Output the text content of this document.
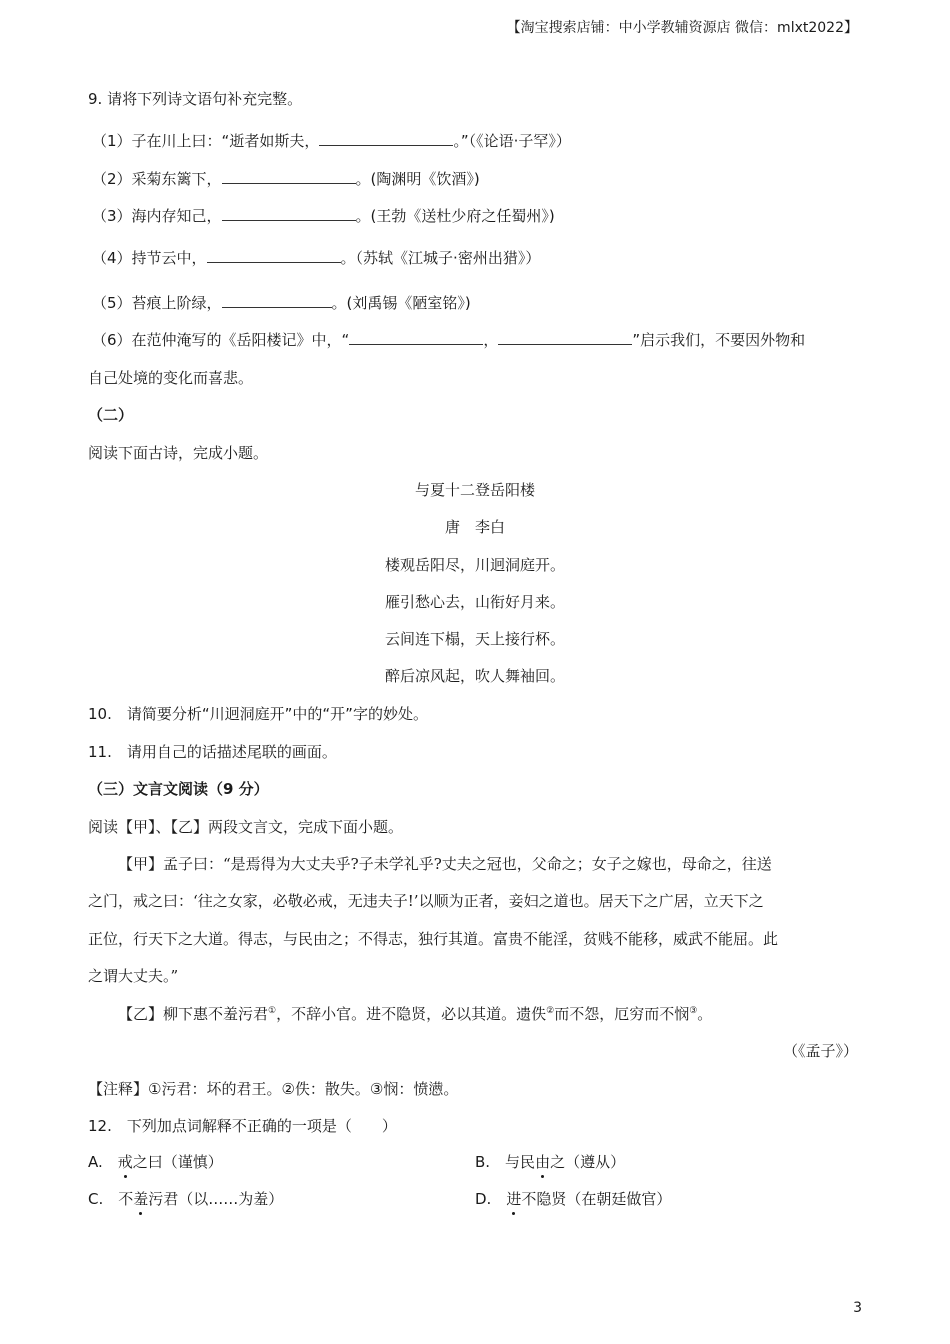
【淘宝搜索店铺：中小学教辅资源店 微信：mlxt2022】
9. 请将下列诗文语句补充完整。
（1）子在川上曰：“逝者如斯夫，	。”（《论语·子罕》）
（2）采菊东篱下，	。(陶渊明《饮酒》)
（3）海内存知己，	。(王勃《送杜少府之任蜀州》)
（4）持节云中，	。（苏轼《江城子·密州出猎》）
（5）苔痕上阶绿，	。(刘禹锡《陋室铭》)
（6）在范仲淹写的《岳阳楼记》中，“	，	”启示我们，不要因外物和
自己处境的变化而喜悲。
（二）
阅读下面古诗，完成小题。
与夏十二登岳阳楼
唐　李白
楼观岳阳尽，川迥洞庭开。
雁引愁心去，山衔好月来。
云间连下榻，天上接行杯。
醉后凉风起，吹人舞袖回。
10.　请简要分析“川迥洞庭开”中的“开”字的妙处。
11.　请用自己的话描述尾联的画面。
（三）文言文阅读（9 分）
阅读【甲】、【乙】两段文言文，完成下面小题。
【甲】孟子曰：“是焉得为大丈夫乎?子未学礼乎?丈夫之冠也，父命之；女子之嫁也，母命之，往送
之门，戒之曰：‘往之女家，必敬必戒，无违夫子!’以顺为正者，妾妇之道也。居天下之广居，立天下之
正位，行天下之大道。得志，与民由之；不得志，独行其道。富贵不能淫，贫贱不能移，威武不能屈。此
之谓大丈夫。”
【乙】柳下惠不羞污君①，不辞小官。进不隐贤，必以其道。遗佚②而不怨，厄穷而不悯③。
（《孟子》）
【注释】①污君：坏的君王。②佚：散失。③悯：愤懑。
12.　下列加点词解释不正确的一项是（　　）
A.　戒之曰（谨慎）	B.　与民由之（遵从）
C.　不羞污君（以……为羞）	D.　进不隐贤（在朝廷做官）
3
